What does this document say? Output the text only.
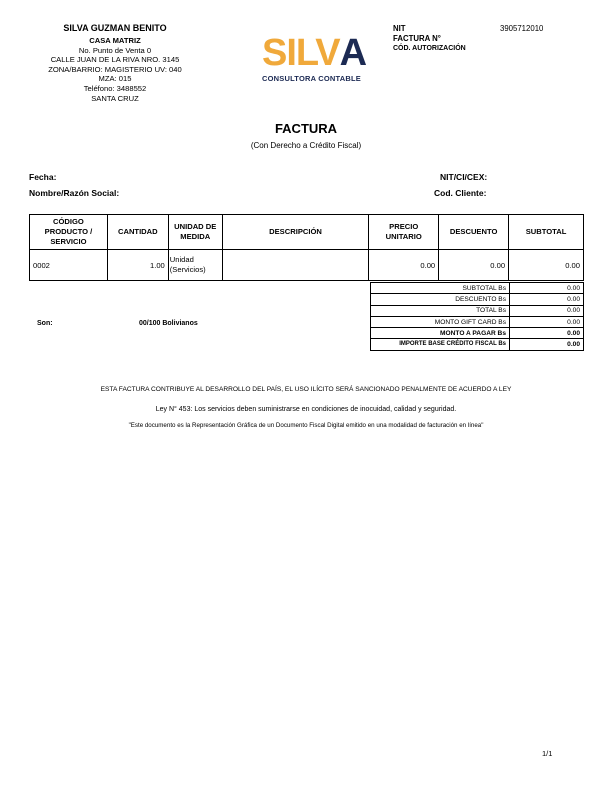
SILVA GUZMAN BENITO
CASA MATRIZ
No. Punto de Venta 0
CALLE JUAN DE LA RIVA NRO. 3145
ZONA/BARRIO: MAGISTERIO UV: 040
MZA: 015
Teléfono: 3488552
SANTA CRUZ
SILV A
CONSULTORA CONTABLE
NIT
FACTURA N°
CÓD. AUTORIZACIÓN
3905712010
FACTURA
(Con Derecho a Crédito Fiscal)
Fecha:
Nombre/Razón Social:
NIT/CI/CEX:
Cod. Cliente:
CÓDIGO PRODUCTO / SERVICIO	CANTIDAD	UNIDAD DE MEDIDA	DESCRIPCIÓN	PRECIO UNITARIO	DESCUENTO	SUBTOTAL
0002	1.00	Unidad (Servicios)		0.00	0.00	0.00
SUBTOTAL Bs	0.00
DESCUENTO Bs	0.00
TOTAL Bs	0.00
MONTO GIFT CARD Bs	0.00
MONTO A PAGAR Bs	0.00
IMPORTE BASE CRÉDITO FISCAL Bs	0.00
Son:	00/100 Bolivianos
ESTA FACTURA CONTRIBUYE AL DESARROLLO DEL PAÍS, EL USO ILÍCITO SERÁ SANCIONADO PENALMENTE DE ACUERDO A LEY
Ley N° 453: Los servicios deben suministrarse en condiciones de inocuidad, calidad y seguridad.
"Este documento es la Representación Gráfica de un Documento Fiscal Digital emitido en una modalidad de facturación en línea"
1/1
